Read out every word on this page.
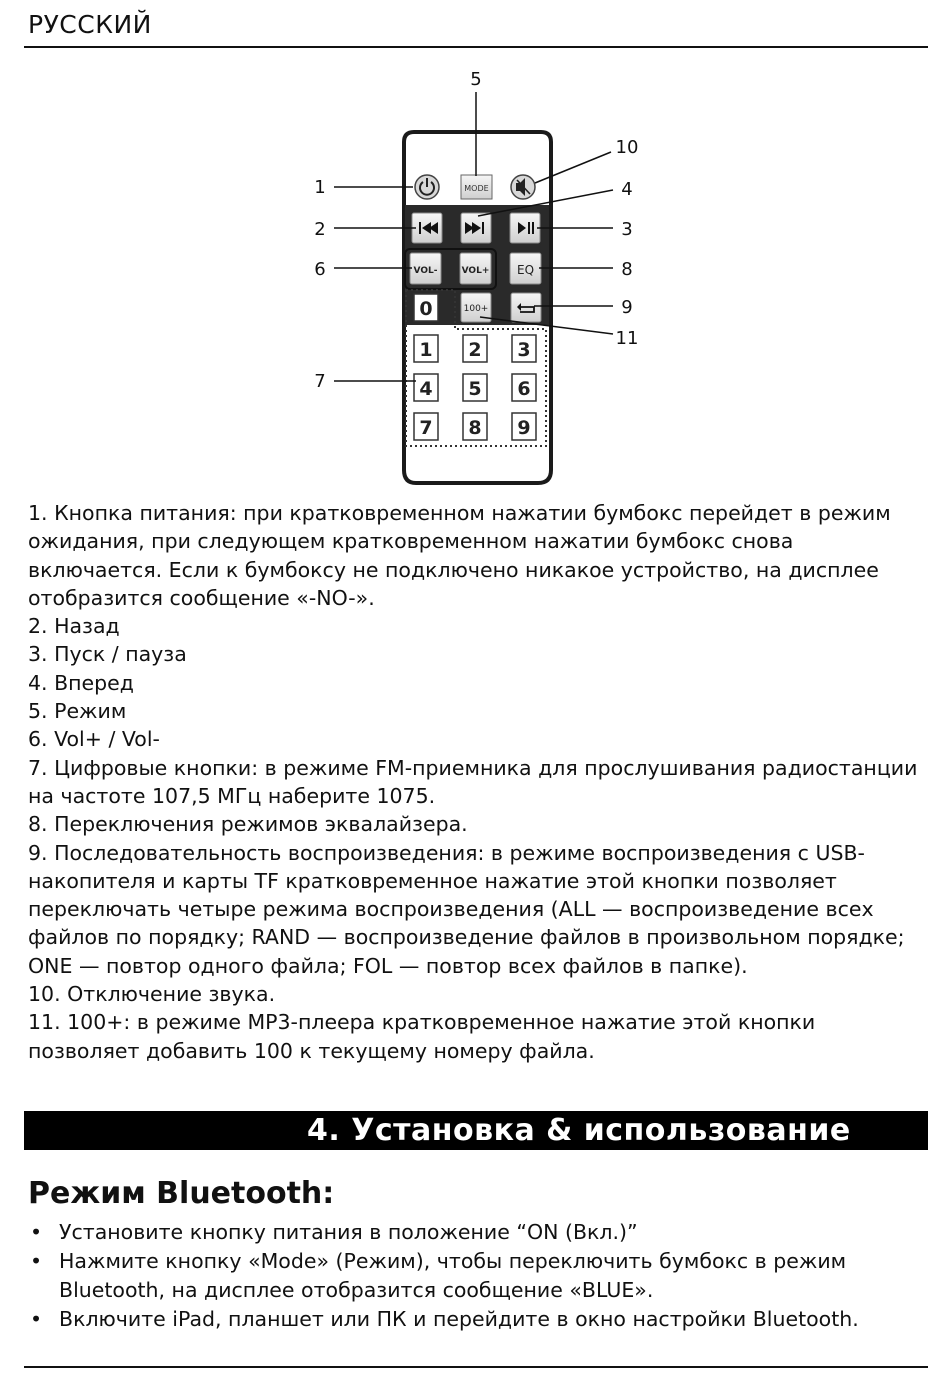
РУССКИЙ
MODE
VOL-	VOL+ EQ
100+
0
1 2 3
4 5 6
7 8 9
1
2	3
4
5
6
7
8
9
10
11

1. Кнопка питания: при кратковременном нажатии бумбокс перейдет в режим ожидания, при следующем кратковременном нажатии бумбокс снова включается. Если к бумбоксу не подключено никакое устройство, на дисплее отобразится сообщение «-NO-».

2. Назад

3. Пуск / пауза

4. Вперед

5. Режим

6. Vol+ / Vol-

7. Цифровые кнопки: в режиме FM-приемника для прослушивания радиостанции на частоте 107,5 МГц наберите 1075.

8. Переключения режимов эквалайзера.

9. Последовательность воспроизведения: в режиме воспроизведения с USB-накопителя и карты TF кратковременное нажатие этой кнопки позволяет переключать четыре режима воспроизведения (ALL — воспроизведение всех файлов по порядку; RAND — воспроизведение файлов в произвольном порядке; ONE — повтор одного файла; FOL — повтор всех файлов в папке).

10. Отключение звука.

11. 100+: в режиме MP3-плеера кратковременное нажатие этой кнопки позволяет добавить 100 к текущему номеру файла.

4. Установка & использование
Режим Bluetooth:
• Установите кнопку питания в положение “ON (Вкл.)”
• Нажмите кнопку «Mode» (Режим), чтобы переключить бумбокс в режим Bluetooth, на дисплее отобразится сообщение «BLUE».
• Включите iPad, планшет или ПК и перейдите в окно настройки Bluetooth.
